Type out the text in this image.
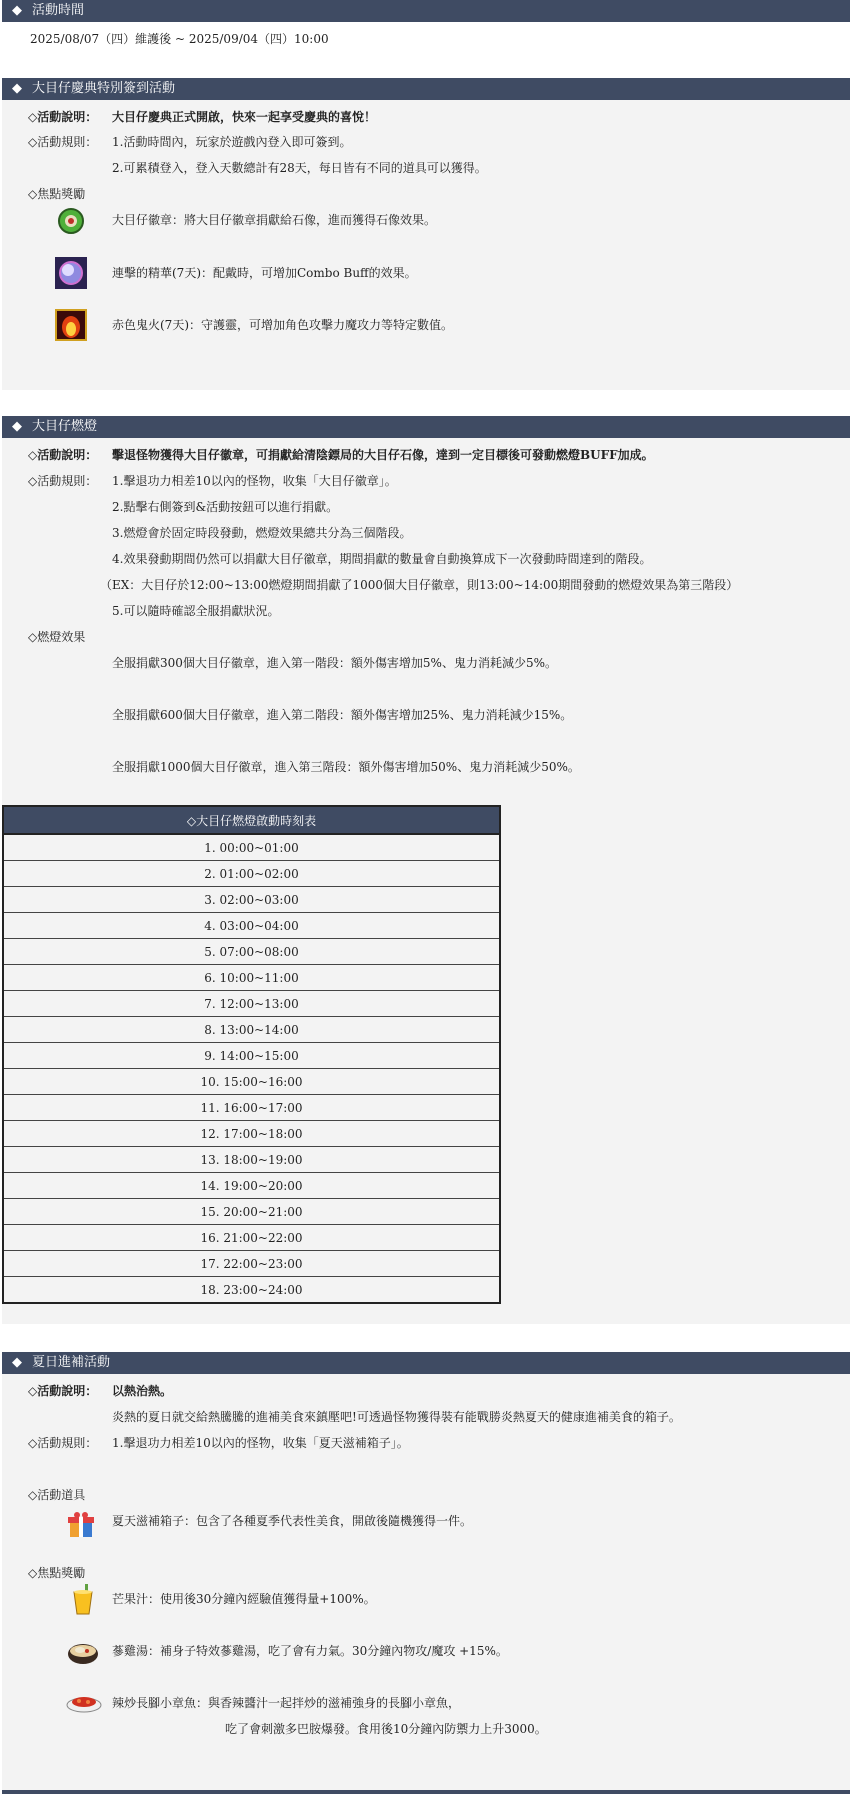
◆ 活動時間
2025/08/07（四）維護後 ~ 2025/09/04（四）10:00
◆ 大目仔慶典特別簽到活動
◇活動說明： 大目仔慶典正式開啟，快來一起享受慶典的喜悅！
◇活動規則： 1.活動時間內，玩家於遊戲內登入即可簽到。
2.可累積登入，登入天數總計有28天，每日皆有不同的道具可以獲得。
◇焦點獎勵
大目仔徽章：將大目仔徽章捐獻給石像，進而獲得石像效果。
連擊的精華(7天)：配戴時，可增加Combo Buff的效果。
赤色鬼火(7天)：守護靈，可增加角色攻擊力魔攻力等特定數值。
◆ 大目仔燃燈
◇活動說明： 擊退怪物獲得大目仔徽章，可捐獻給清陰鏢局的大目仔石像，達到一定目標後可發動燃燈BUFF加成。
◇活動規則： 1.擊退功力相差10以內的怪物，收集「大目仔徽章」。
2.點擊右側簽到&活動按鈕可以進行捐獻。
3.燃燈會於固定時段發動，燃燈效果總共分為三個階段。
4.效果發動期間仍然可以捐獻大目仔徽章，期間捐獻的數量會自動換算成下一次發動時間達到的階段。
（EX：大目仔於12:00~13:00燃燈期間捐獻了1000個大目仔徽章，則13:00~14:00期間發動的燃燈效果為第三階段）
5.可以隨時確認全服捐獻狀況。
◇燃燈效果
全服捐獻300個大目仔徽章，進入第一階段：額外傷害增加5%、鬼力消耗減少5%。
全服捐獻600個大目仔徽章，進入第二階段：額外傷害增加25%、鬼力消耗減少15%。
全服捐獻1000個大目仔徽章，進入第三階段：額外傷害增加50%、鬼力消耗減少50%。
◇大目仔燃燈啟動時刻表
1. 00:00~01:00
2. 01:00~02:00
3. 02:00~03:00
4. 03:00~04:00
5. 07:00~08:00
6. 10:00~11:00
7. 12:00~13:00
8. 13:00~14:00
9. 14:00~15:00
10. 15:00~16:00
11. 16:00~17:00
12. 17:00~18:00
13. 18:00~19:00
14. 19:00~20:00
15. 20:00~21:00
16. 21:00~22:00
17. 22:00~23:00
18. 23:00~24:00
◆ 夏日進補活動
◇活動說明： 以熱治熱。
炎熱的夏日就交給熱騰騰的進補美食來鎮壓吧!可透過怪物獲得裝有能戰勝炎熱夏天的健康進補美食的箱子。
◇活動規則： 1.擊退功力相差10以內的怪物，收集「夏天滋補箱子」。
◇活動道具
夏天滋補箱子：包含了各種夏季代表性美食，開啟後隨機獲得一件。
◇焦點獎勵
芒果汁：使用後30分鐘內經驗值獲得量+100%。
蔘雞湯：補身子特效蔘雞湯，吃了會有力氣。30分鐘內物攻/魔攻 +15%。
辣炒長腳小章魚：與香辣醬汁一起拌炒的滋補強身的長腳小章魚，
吃了會刺激多巴胺爆發。食用後10分鐘內防禦力上升3000。
